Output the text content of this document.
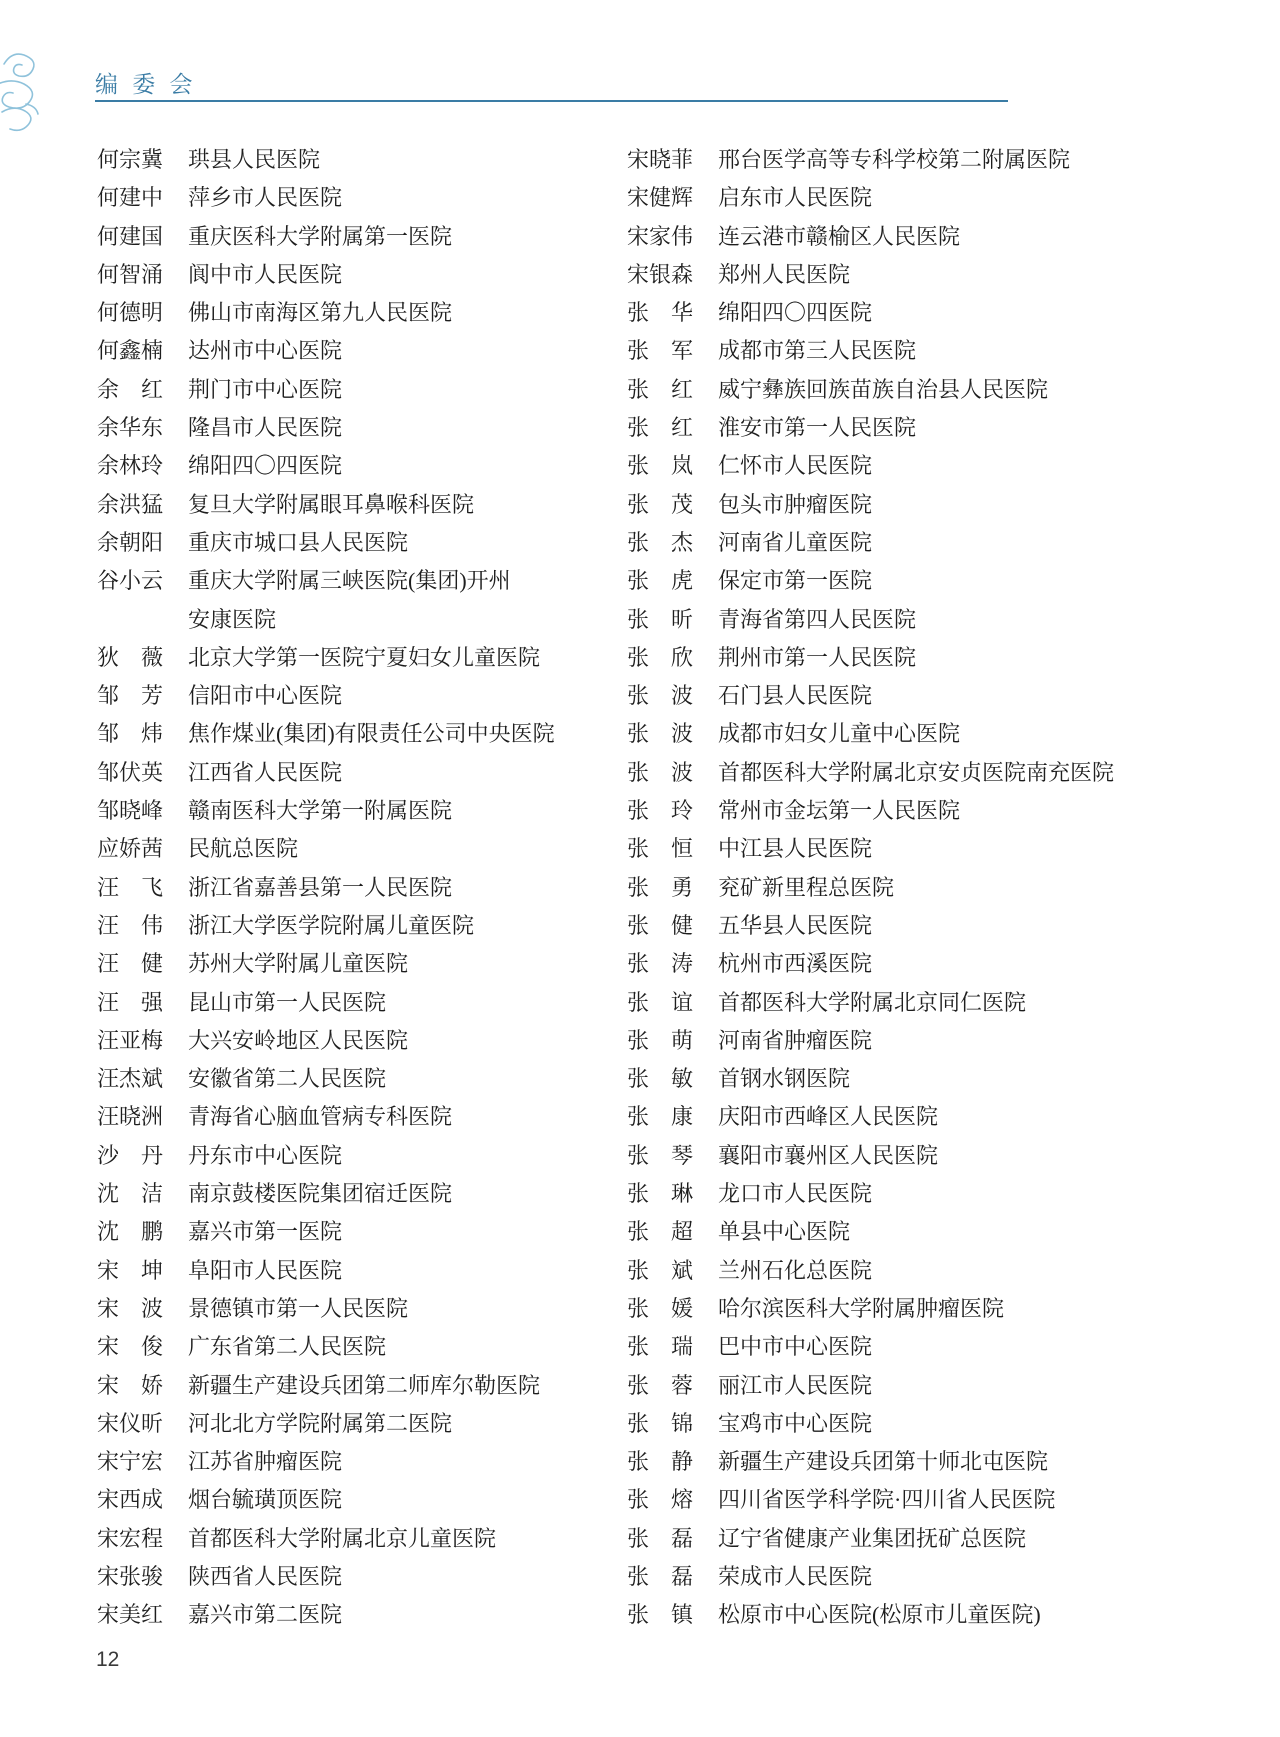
编委会
何宗冀 珙县人民医院
何建中 萍乡市人民医院
何建国 重庆医科大学附属第一医院
何智涌 阆中市人民医院
何德明 佛山市南海区第九人民医院
何鑫楠 达州市中心医院
余　红 荆门市中心医院
余华东 隆昌市人民医院
余林玲 绵阳四〇四医院
余洪猛 复旦大学附属眼耳鼻喉科医院
余朝阳 重庆市城口县人民医院
谷小云 重庆大学附属三峡医院(集团)开州
安康医院
狄　薇 北京大学第一医院宁夏妇女儿童医院
邹　芳 信阳市中心医院
邹　炜 焦作煤业(集团)有限责任公司中央医院
邹伏英 江西省人民医院
邹晓峰 赣南医科大学第一附属医院
应娇茜 民航总医院
汪　飞 浙江省嘉善县第一人民医院
汪　伟 浙江大学医学院附属儿童医院
汪　健 苏州大学附属儿童医院
汪　强 昆山市第一人民医院
汪亚梅 大兴安岭地区人民医院
汪杰斌 安徽省第二人民医院
汪晓洲 青海省心脑血管病专科医院
沙　丹 丹东市中心医院
沈　洁 南京鼓楼医院集团宿迁医院
沈　鹏 嘉兴市第一医院
宋　坤 阜阳市人民医院
宋　波 景德镇市第一人民医院
宋　俊 广东省第二人民医院
宋　娇 新疆生产建设兵团第二师库尔勒医院
宋仪昕 河北北方学院附属第二医院
宋宁宏 江苏省肿瘤医院
宋西成 烟台毓璜顶医院
宋宏程 首都医科大学附属北京儿童医院
宋张骏 陕西省人民医院
宋美红 嘉兴市第二医院
宋晓菲 邢台医学高等专科学校第二附属医院
宋健辉 启东市人民医院
宋家伟 连云港市赣榆区人民医院
宋银森 郑州人民医院
张　华 绵阳四〇四医院
张　军 成都市第三人民医院
张　红 威宁彝族回族苗族自治县人民医院
张　红 淮安市第一人民医院
张　岚 仁怀市人民医院
张　茂 包头市肿瘤医院
张　杰 河南省儿童医院
张　虎 保定市第一医院
张　昕 青海省第四人民医院
张　欣 荆州市第一人民医院
张　波 石门县人民医院
张　波 成都市妇女儿童中心医院
张　波 首都医科大学附属北京安贞医院南充医院
张　玲 常州市金坛第一人民医院
张　恒 中江县人民医院
张　勇 兖矿新里程总医院
张　健 五华县人民医院
张　涛 杭州市西溪医院
张　谊 首都医科大学附属北京同仁医院
张　萌 河南省肿瘤医院
张　敏 首钢水钢医院
张　康 庆阳市西峰区人民医院
张　琴 襄阳市襄州区人民医院
张　琳 龙口市人民医院
张　超 单县中心医院
张　斌 兰州石化总医院
张　媛 哈尔滨医科大学附属肿瘤医院
张　瑞 巴中市中心医院
张　蓉 丽江市人民医院
张　锦 宝鸡市中心医院
张　静 新疆生产建设兵团第十师北屯医院
张　熔 四川省医学科学院·四川省人民医院
张　磊 辽宁省健康产业集团抚矿总医院
张　磊 荣成市人民医院
张　镇 松原市中心医院(松原市儿童医院)
12
